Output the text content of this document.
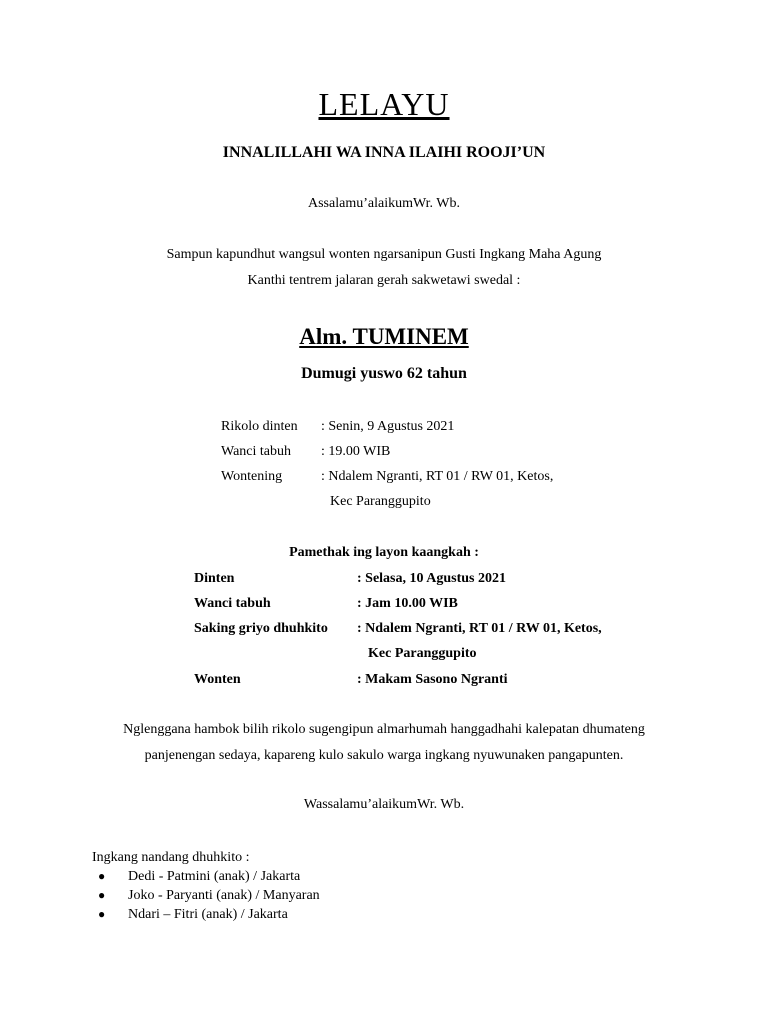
LELAYU
INNALILLAHI WA INNA ILAIHI ROOJI’UN
Assalamu’alaikumWr. Wb.
Sampun kapundhut wangsul wonten ngarsanipun Gusti Ingkang Maha Agung
Kanthi tentrem jalaran gerah sakwetawi swedal :
Alm. TUMINEM
Dumugi yuswo 62 tahun
Rikolo dinten : Senin, 9 Agustus 2021
Wanci tabuh : 19.00 WIB
Wontening	: Ndalem Ngranti, RT 01 / RW 01, Ketos,
Kec Paranggupito
Pamethak ing layon kaangkah :
Dinten	: Selasa, 10 Agustus 2021
Wanci tabuh	: Jam 10.00 WIB
Saking griyo dhuhkito : Ndalem Ngranti, RT 01 / RW 01, Ketos,
Kec Paranggupito
Wonten	: Makam Sasono Ngranti
Nglenggana hambok bilih rikolo sugengipun almarhumah hanggadhahi kalepatan dhumateng
panjenengan sedaya, kapareng kulo sakulo warga ingkang nyuwunaken pangapunten.
Wassalamu’alaikumWr. Wb.
Ingkang nandang dhuhkito :
● Dedi - Patmini (anak) / Jakarta
● Joko - Paryanti (anak) / Manyaran
● Ndari – Fitri (anak) / Jakarta
